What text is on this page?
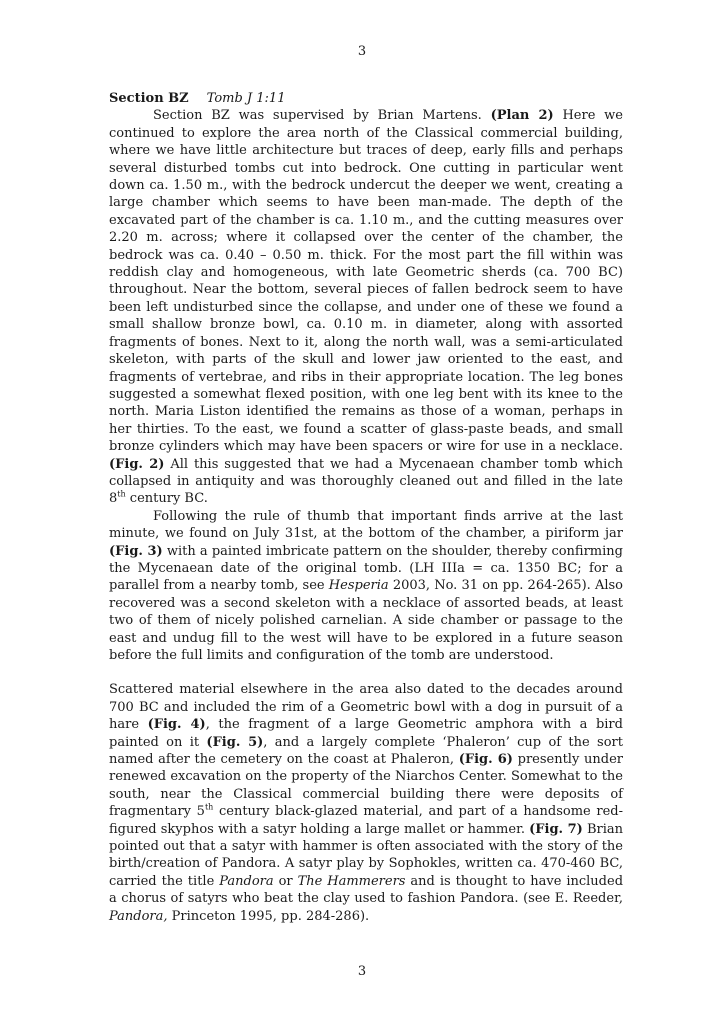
3

Section BZ Tomb J 1:11

Section BZ was supervised by Brian Martens. (Plan 2) Here we continued to explore the area north of the Classical commercial building, where we have little architecture but traces of deep, early fills and perhaps several disturbed tombs cut into bedrock. One cutting in particular went down ca. 1.50 m., with the bedrock undercut the deeper we went, creating a large chamber which seems to have been man-made. The depth of the excavated part of the chamber is ca. 1.10 m., and the cutting measures over 2.20 m. across; where it collapsed over the center of the chamber, the bedrock was ca. 0.40 – 0.50 m. thick. For the most part the fill within was reddish clay and homogeneous, with late Geometric sherds (ca. 700 BC) throughout. Near the bottom, several pieces of fallen bedrock seem to have been left undisturbed since the collapse, and under one of these we found a small shallow bronze bowl, ca. 0.10 m. in diameter, along with assorted fragments of bones. Next to it, along the north wall, was a semi-articulated skeleton, with parts of the skull and lower jaw oriented to the east, and fragments of vertebrae, and ribs in their appropriate location. The leg bones suggested a somewhat flexed position, with one leg bent with its knee to the north. Maria Liston identified the remains as those of a woman, perhaps in her thirties. To the east, we found a scatter of glass-paste beads, and small bronze cylinders which may have been spacers or wire for use in a necklace. (Fig. 2) All this suggested that we had a Mycenaean chamber tomb which collapsed in antiquity and was thoroughly cleaned out and filled in the late 8th century BC.

Following the rule of thumb that important finds arrive at the last minute, we found on July 31st, at the bottom of the chamber, a piriform jar (Fig. 3) with a painted imbricate pattern on the shoulder, thereby confirming the Mycenaean date of the original tomb. (LH IIIa = ca. 1350 BC; for a parallel from a nearby tomb, see Hesperia 2003, No. 31 on pp. 264-265). Also recovered was a second skeleton with a necklace of assorted beads, at least two of them of nicely polished carnelian. A side chamber or passage to the east and undug fill to the west will have to be explored in a future season before the full limits and configuration of the tomb are understood.

Scattered material elsewhere in the area also dated to the decades around 700 BC and included the rim of a Geometric bowl with a dog in pursuit of a hare (Fig. 4), the fragment of a large Geometric amphora with a bird painted on it (Fig. 5), and a largely complete ‘Phaleron’ cup of the sort named after the cemetery on the coast at Phaleron, (Fig. 6) presently under renewed excavation on the property of the Niarchos Center. Somewhat to the south, near the Classical commercial building there were deposits of fragmentary 5th century black-glazed material, and part of a handsome red-figured skyphos with a satyr holding a large mallet or hammer. (Fig. 7) Brian pointed out that a satyr with hammer is often associated with the story of the birth/creation of Pandora. A satyr play by Sophokles, written ca. 470-460 BC, carried the title Pandora or The Hammerers and is thought to have included a chorus of satyrs who beat the clay used to fashion Pandora. (see E. Reeder, Pandora, Princeton 1995, pp. 284-286).

3
